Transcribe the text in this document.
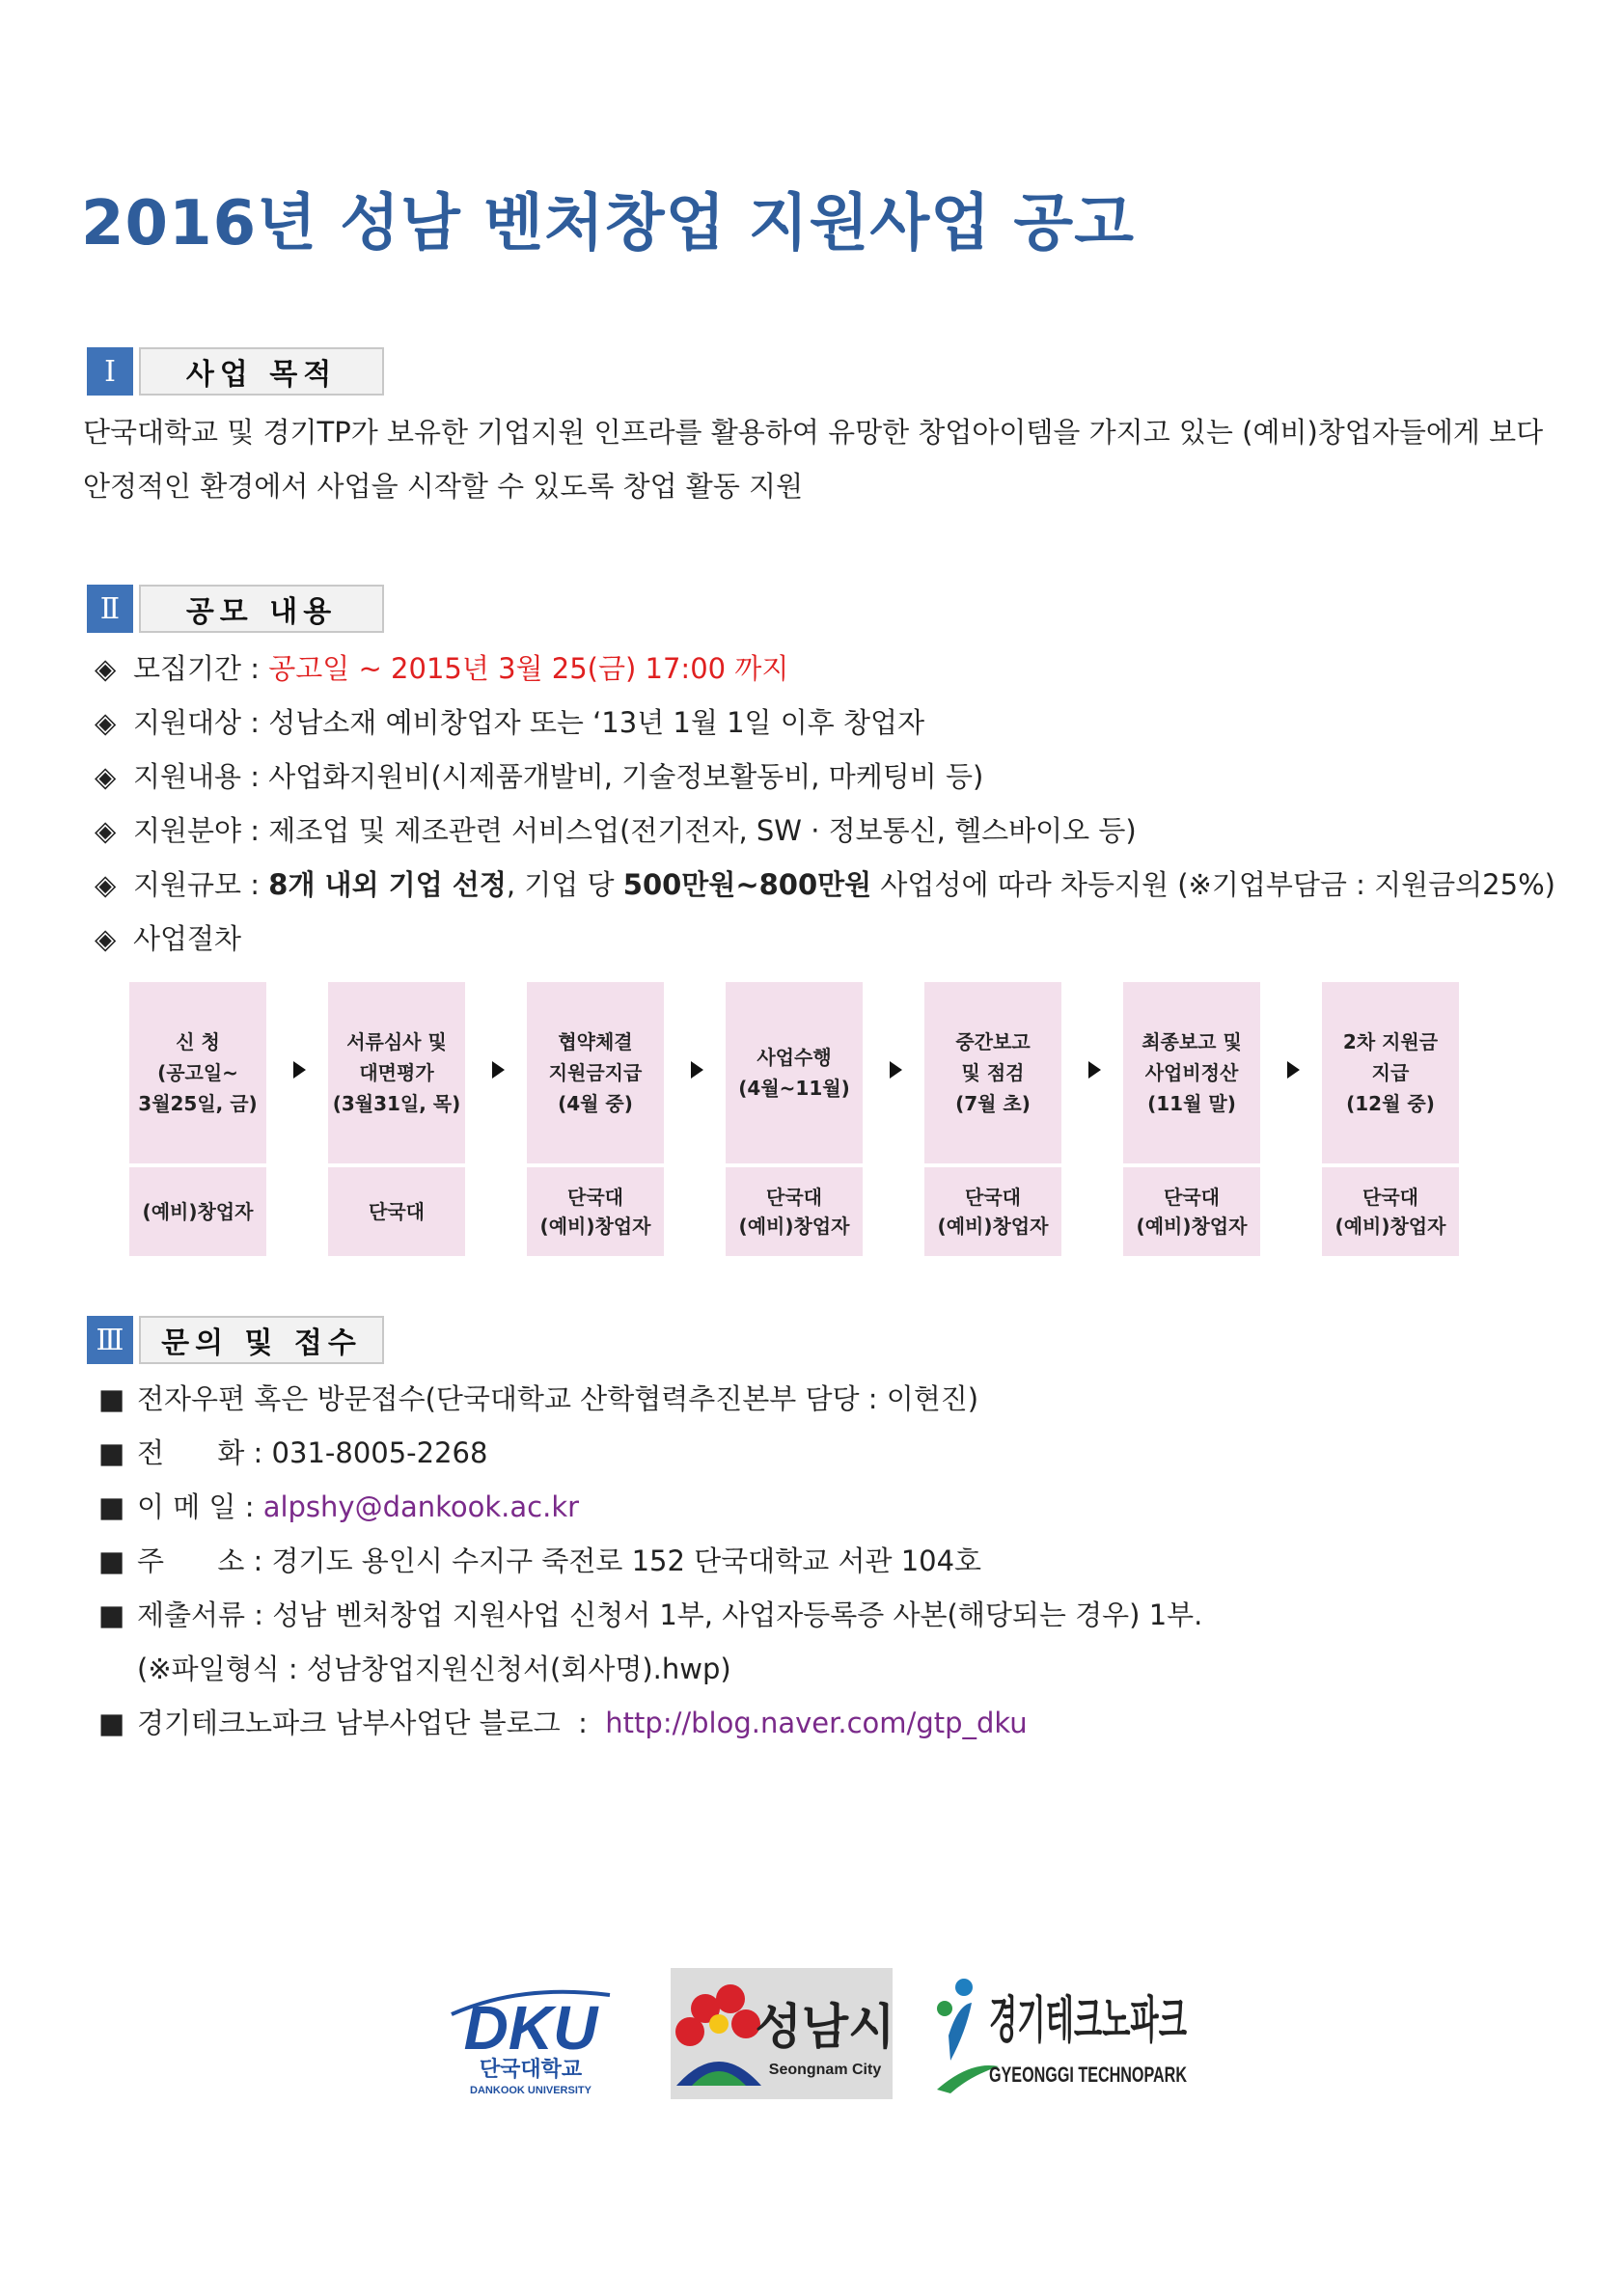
2016년 성남 벤처창업 지원사업 공고
Ⅰ	사업 목적
단국대학교 및 경기TP가 보유한 기업지원 인프라를 활용하여 유망한 창업아이템을 가지고 있는 (예비)창업자들에게 보다
안정적인 환경에서 사업을 시작할 수 있도록 창업 활동 지원
Ⅱ	공모 내용
◈ 모집기간 : 공고일 ~ 2015년 3월 25(금) 17:00 까지
◈ 지원대상 : 성남소재 예비창업자 또는 ‘13년 1월 1일 이후 창업자
◈ 지원내용 : 사업화지원비(시제품개발비, 기술정보활동비, 마케팅비 등)
◈ 지원분야 : 제조업 및 제조관련 서비스업(전기전자, SW · 정보통신, 헬스바이오 등)
◈ 지원규모 : 8개 내외 기업 선정, 기업 당 500만원~800만원 사업성에 따라 차등지원 (※기업부담금 : 지원금의25%)
◈ 사업절차
신 청
(공고일~
3월25일, 금)
(예비)창업자
서류심사 및
대면평가
(3월31일, 목)
단국대
협약체결
지원금지급
(4월 중)
단국대
(예비)창업자
사업수행
(4월~11월)
단국대
(예비)창업자
중간보고
및 점검
(7월 초)
단국대
(예비)창업자
최종보고 및
사업비정산
(11월 말)
단국대
(예비)창업자
2차 지원금
지급
(12월 중)
단국대
(예비)창업자
Ⅲ	문의 및 접수
■ 전자우편 혹은 방문접수(단국대학교 산학협력추진본부 담당 : 이현진)
■ 전      화 : 031-8005-2268
■ 이 메 일 : alpshy@dankook.ac.kr
■ 주      소 : 경기도 용인시 수지구 죽전로 152 단국대학교 서관 104호
■ 제출서류 : 성남 벤처창업 지원사업 신청서 1부, 사업자등록증 사본(해당되는 경우) 1부.
(※파일형식 : 성남창업지원신청서(회사명).hwp)
■ 경기테크노파크 남부사업단 블로그  :  http://blog.naver.com/gtp_dku
DKU
단국대학교
DANKOOK UNIVERSITY
성남시
Seongnam City
경기테크노파크
GYEONGGI TECHNOPARK
